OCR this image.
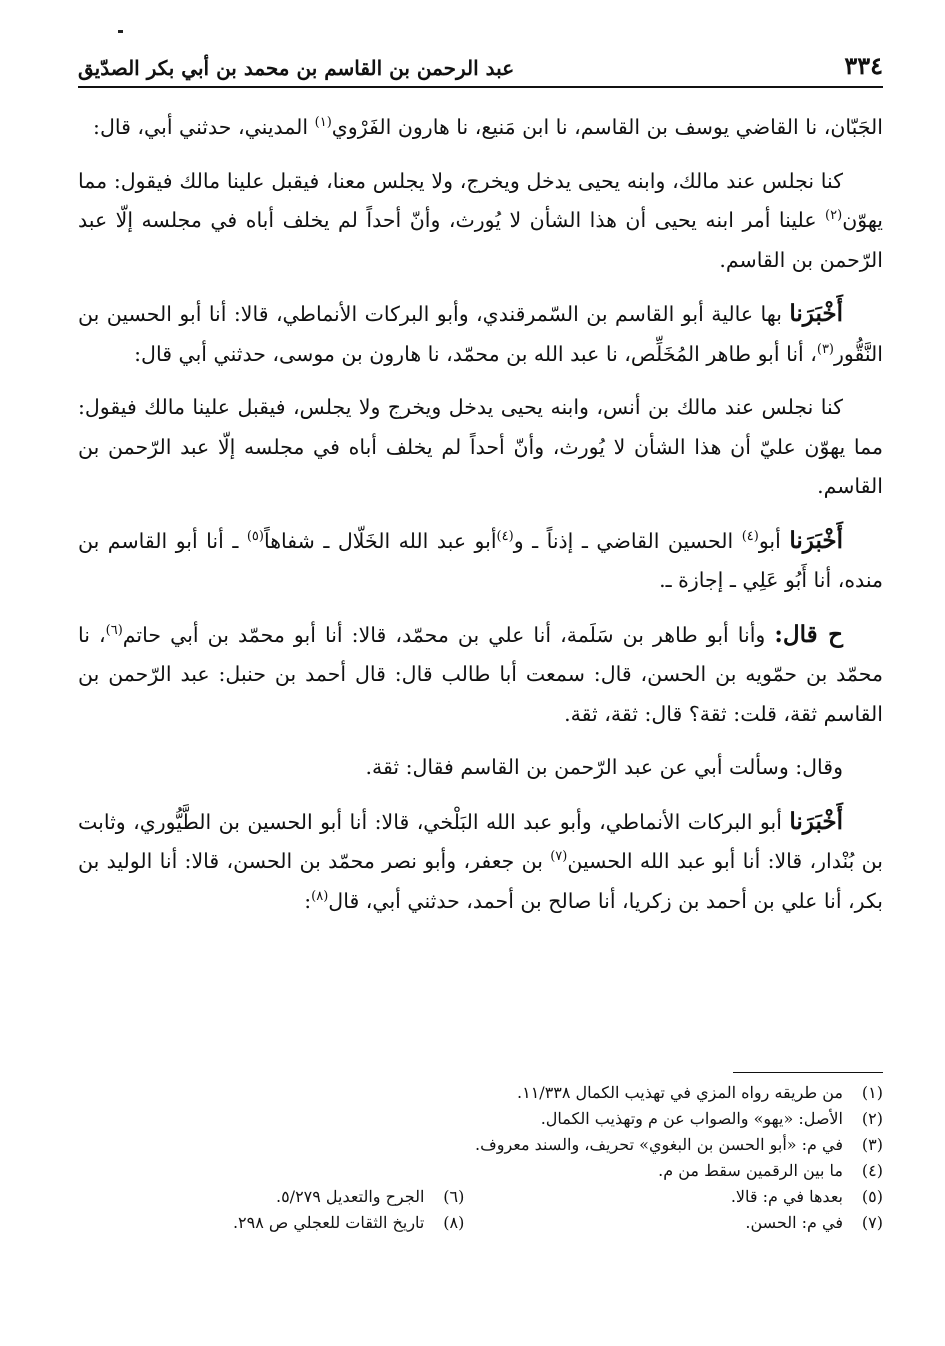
٣٣٤
عبد الرحمن بن القاسم بن محمد بن أبي بكر الصدّيق

الجَبّان، نا القاضي يوسف بن القاسم، نا ابن مَنيع، نا هارون الفَرْوي$^{(١)}$ المديني، حدثني أبي، قال:

كنا نجلس عند مالك، وابنه يحيى يدخل ويخرج، ولا يجلس معنا، فيقبل علينا مالك فيقول: مما يهوّن$^{(٢)}$ علينا أمر ابنه يحيى أن هذا الشأن لا يُورث، وأنّ أحداً لم يخلف أباه في مجلسه إلّا عبد الرّحمن بن القاسم.

أَخْبَرَنا بها عالية أبو القاسم بن السّمرقندي، وأبو البركات الأنماطي، قالا: أنا أبو الحسين بن النَّقُّور$^{(٣)}$، أنا أبو طاهر المُخَلِّص، نا عبد الله بن محمّد، نا هارون بن موسى، حدثني أبي قال:

كنا نجلس عند مالك بن أنس، وابنه يحيى يدخل ويخرج ولا يجلس، فيقبل علينا مالك فيقول: مما يهوّن عليّ أن هذا الشأن لا يُورث، وأنّ أحداً لم يخلف أباه في مجلسه إلّا عبد الرّحمن بن القاسم.

أَخْبَرَنا أبو$^{(٤)}$ الحسين القاضي ـ إذناً ـ و$^{(٤)}$أبو عبد الله الخَلّال ـ شفاهاً$^{(٥)}$ ـ أنا أبو القاسم بن منده، أنا أَبُو عَلِي ـ إجازة ـ.

ح قال: وأنا أبو طاهر بن سَلَمة، أنا علي بن محمّد، قالا: أنا أبو محمّد بن أبي حاتم$^{(٦)}$، نا محمّد بن حمّويه بن الحسن، قال: سمعت أبا طالب قال: قال أحمد بن حنبل: عبد الرّحمن بن القاسم ثقة، قلت: ثقة؟ قال: ثقة، ثقة.

وقال: وسألت أبي عن عبد الرّحمن بن القاسم فقال: ثقة.

أَخْبَرَنا أبو البركات الأنماطي، وأبو عبد الله البَلْخي، قالا: أنا أبو الحسين بن الطَّيُّوري، وثابت بن بُنْدار، قالا: أنا أبو عبد الله الحسين$^{(٧)}$ بن جعفر، وأبو نصر محمّد بن الحسن، قالا: أنا الوليد بن بكر، أنا علي بن أحمد بن زكريا، أنا صالح بن أحمد، حدثني أبي، قال$^{(٨)}$:

(١)من طريقه رواه المزي في تهذيب الكمال ١١/٣٣٨.
(٢)الأصل: «يهو» والصواب عن م وتهذيب الكمال.
(٣)في م: «أبو الحسن بن البغوي» تحريف، والسند معروف.
(٤)ما بين الرقمين سقط من م.
(٥)بعدها في م: قالا.
(٧)في م: الحسن.
(٦)الجرح والتعديل ٥/٢٧٩.
(٨)تاريخ الثقات للعجلي ص ٢٩٨.
